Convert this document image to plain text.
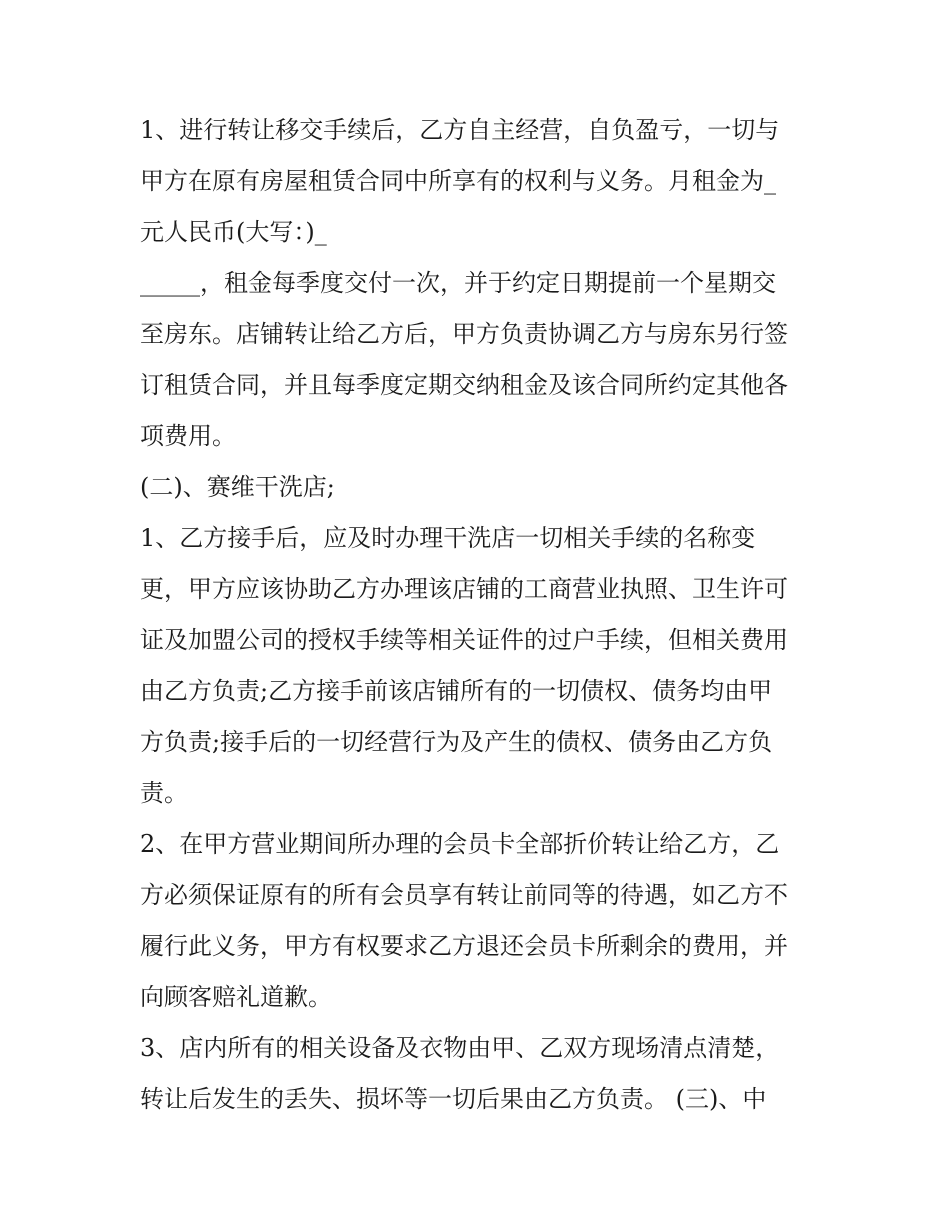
1、进行转让移交手续后，乙方自主经营，自负盈亏，一切与
甲方在原有房屋租赁合同中所享有的权利与义务。月租金为_
元人民币(大写：)_
_____，租金每季度交付一次，并于约定日期提前一个星期交
至房东。店铺转让给乙方后，甲方负责协调乙方与房东另行签
订租赁合同，并且每季度定期交纳租金及该合同所约定其他各
项费用。
(二)、赛维干洗店;
1、乙方接手后，应及时办理干洗店一切相关手续的名称变
更，甲方应该协助乙方办理该店铺的工商营业执照、卫生许可
证及加盟公司的授权手续等相关证件的过户手续，但相关费用
由乙方负责;乙方接手前该店铺所有的一切债权、债务均由甲
方负责;接手后的一切经营行为及产生的债权、债务由乙方负
责。
2、在甲方营业期间所办理的会员卡全部折价转让给乙方，乙
方必须保证原有的所有会员享有转让前同等的待遇，如乙方不
履行此义务，甲方有权要求乙方退还会员卡所剩余的费用，并
向顾客赔礼道歉。
3、店内所有的相关设备及衣物由甲、乙双方现场清点清楚，
转让后发生的丢失、损坏等一切后果由乙方负责。 (三)、中
